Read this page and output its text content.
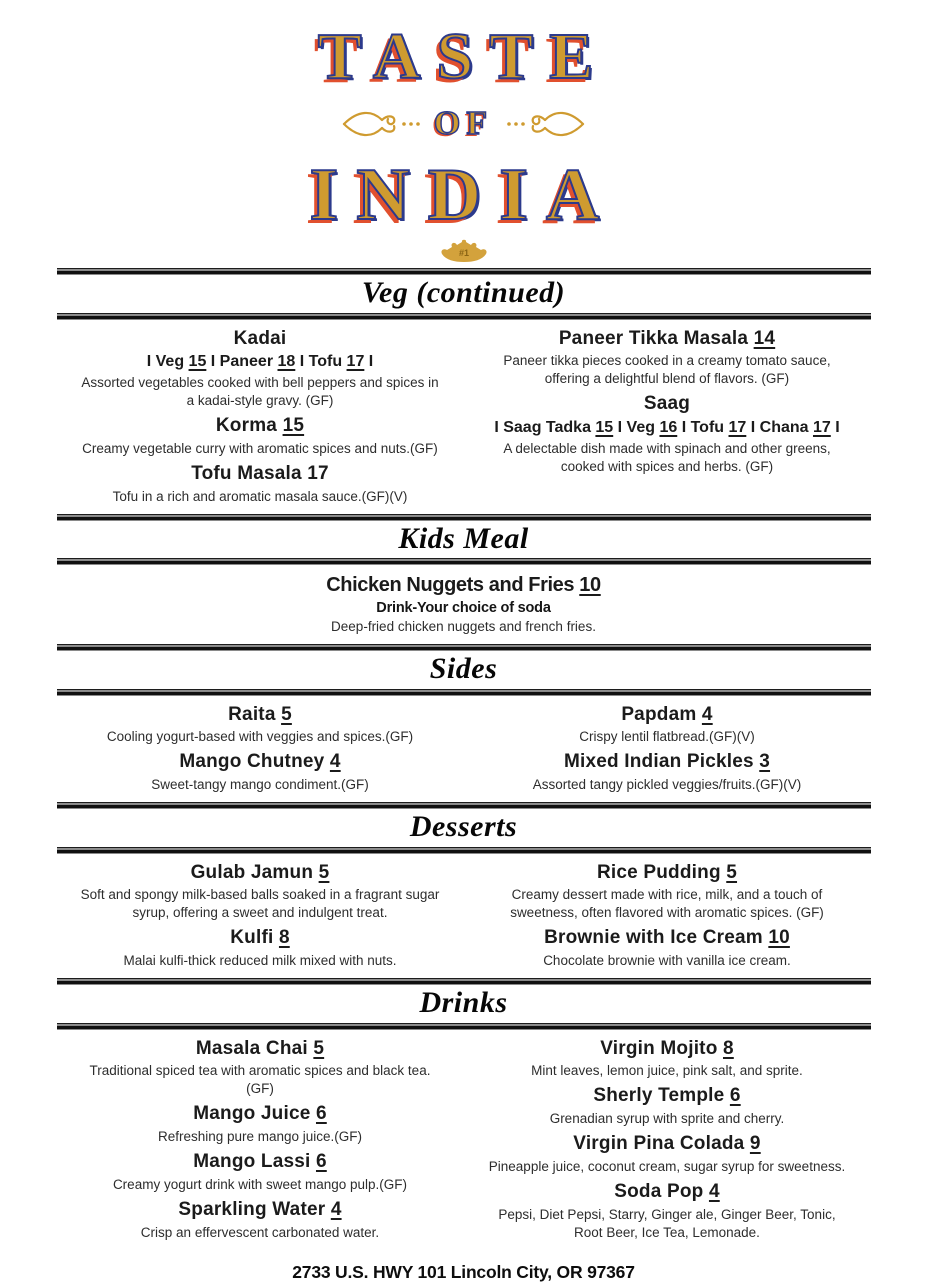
TASTE
OF
INDIA
#1
Veg (continued)
Kadai
I Veg 15 I Paneer 18 I Tofu 17 I
Assorted vegetables cooked with bell peppers and spices in a kadai-style gravy. (GF)
Korma 15
Creamy vegetable curry with aromatic spices and nuts.(GF)
Tofu Masala 17
Tofu in a rich and aromatic masala sauce.(GF)(V)
Paneer Tikka Masala 14
Paneer tikka pieces cooked in a creamy tomato sauce, offering a delightful blend of flavors. (GF)
Saag
I Saag Tadka 15 I Veg 16 I Tofu 17 I Chana 17 I
A delectable dish made with spinach and other greens, cooked with spices and herbs. (GF)
Kids Meal
Chicken Nuggets and Fries 10
Drink-Your choice of soda
Deep-fried chicken nuggets and french fries.
Sides
Raita 5
Cooling yogurt-based with veggies and spices.(GF)
Mango Chutney 4
Sweet-tangy mango condiment.(GF)
Papdam 4
Crispy lentil flatbread.(GF)(V)
Mixed Indian Pickles 3
Assorted tangy pickled veggies/fruits.(GF)(V)
Desserts
Gulab Jamun 5
Soft and spongy milk-based balls soaked in a fragrant sugar syrup, offering a sweet and indulgent treat.
Kulfi 8
Malai kulfi-thick reduced milk mixed with nuts.
Rice Pudding 5
Creamy dessert made with rice, milk, and a touch of sweetness, often flavored with aromatic spices. (GF)
Brownie with Ice Cream 10
Chocolate brownie with vanilla ice cream.
Drinks
Masala Chai 5
Traditional spiced tea with aromatic spices and black tea.(GF)
Mango Juice 6
Refreshing pure mango juice.(GF)
Mango Lassi 6
Creamy yogurt drink with sweet mango pulp.(GF)
Sparkling Water 4
Crisp an effervescent carbonated water.
Virgin Mojito 8
Mint leaves, lemon juice, pink salt, and sprite.
Sherly Temple 6
Grenadian syrup with sprite and cherry.
Virgin Pina Colada 9
Pineapple juice, coconut cream, sugar syrup for sweetness.
Soda Pop 4
Pepsi, Diet Pepsi, Starry, Ginger ale, Ginger Beer, Tonic, Root Beer, Ice Tea, Lemonade.
2733 U.S. HWY 101 Lincoln City, OR 97367
